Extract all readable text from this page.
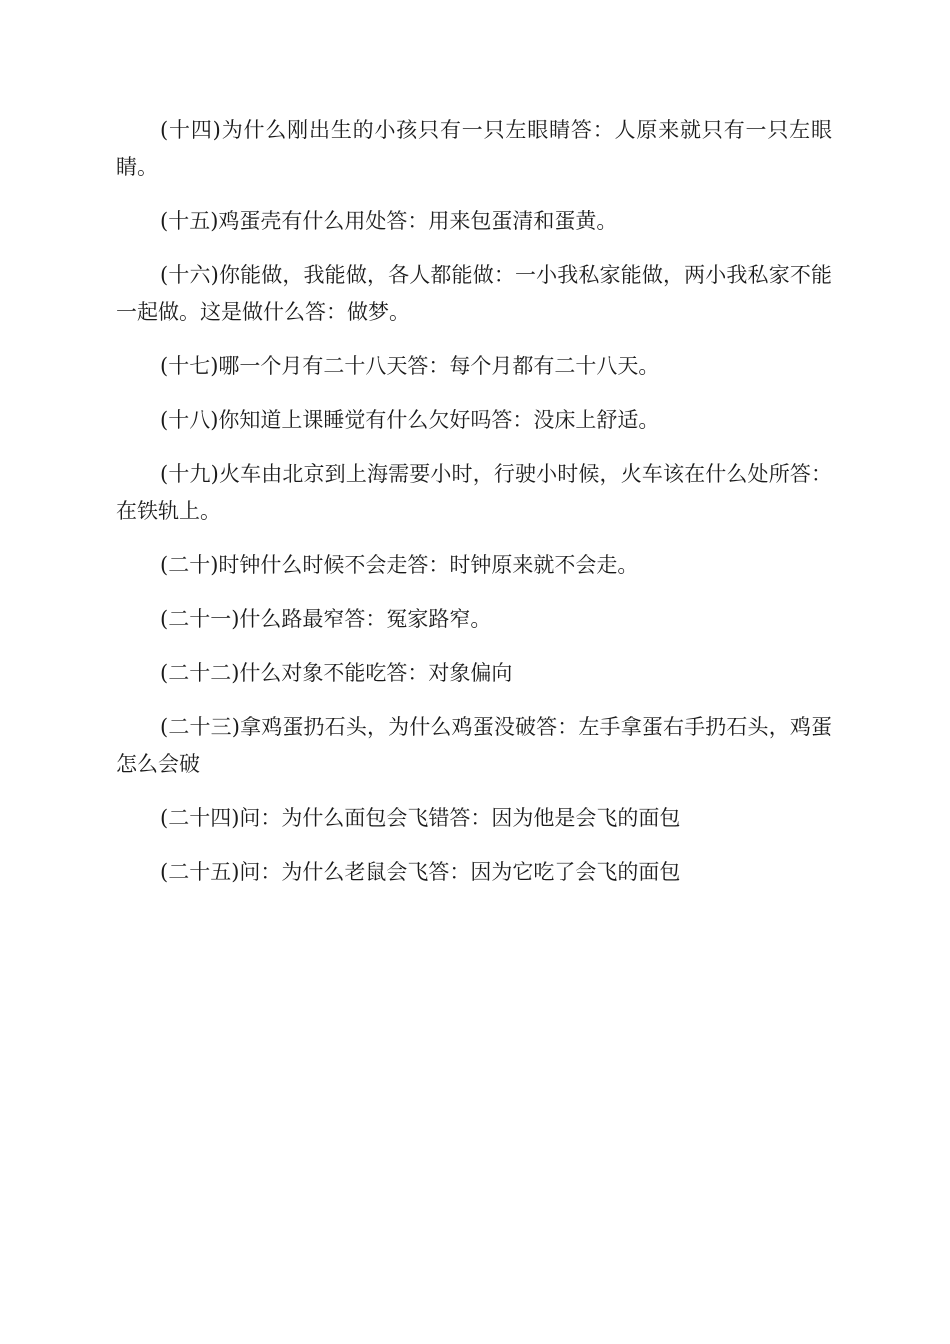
(十四)为什么刚出生的小孩只有一只左眼睛答：人原来就只有一只左眼睛。

(十五)鸡蛋壳有什么用处答：用来包蛋清和蛋黄。

(十六)你能做，我能做，各人都能做：一小我私家能做，两小我私家不能一起做。这是做什么答：做梦。

(十七)哪一个月有二十八天答：每个月都有二十八天。

(十八)你知道上课睡觉有什么欠好吗答：没床上舒适。

(十九)火车由北京到上海需要小时，行驶小时候，火车该在什么处所答：在铁轨上。

(二十)时钟什么时候不会走答：时钟原来就不会走。

(二十一)什么路最窄答：冤家路窄。

(二十二)什么对象不能吃答：对象偏向

(二十三)拿鸡蛋扔石头，为什么鸡蛋没破答：左手拿蛋右手扔石头，鸡蛋怎么会破

(二十四)问：为什么面包会飞错答：因为他是会飞的面包

(二十五)问：为什么老鼠会飞答：因为它吃了会飞的面包
